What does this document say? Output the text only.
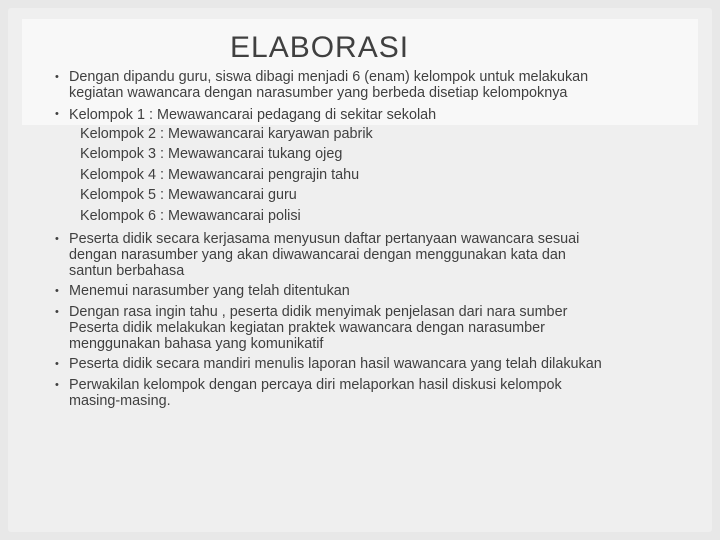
ELABORASI
• Dengan dipandu guru, siswa dibagi menjadi 6 (enam) kelompok untuk melakukan kegiatan wawancara dengan narasumber yang berbeda disetiap kelompoknya
• Kelompok 1 : Mewawancarai pedagang di sekitar sekolah
Kelompok 2 : Mewawancarai karyawan pabrik
Kelompok 3 : Mewawancarai tukang ojeg
Kelompok 4 : Mewawancarai pengrajin tahu
Kelompok 5 : Mewawancarai guru
Kelompok 6 : Mewawancarai polisi
• Peserta didik secara kerjasama menyusun daftar pertanyaan wawancara sesuai dengan narasumber yang akan diwawancarai dengan menggunakan kata dan santun berbahasa
• Menemui narasumber yang telah ditentukan
• Dengan rasa ingin tahu , peserta didik menyimak penjelasan dari nara sumber Peserta didik melakukan kegiatan praktek wawancara dengan narasumber menggunakan bahasa yang komunikatif
• Peserta didik secara mandiri menulis laporan hasil wawancara yang telah dilakukan
• Perwakilan kelompok dengan percaya diri melaporkan hasil diskusi kelompok masing-masing.
